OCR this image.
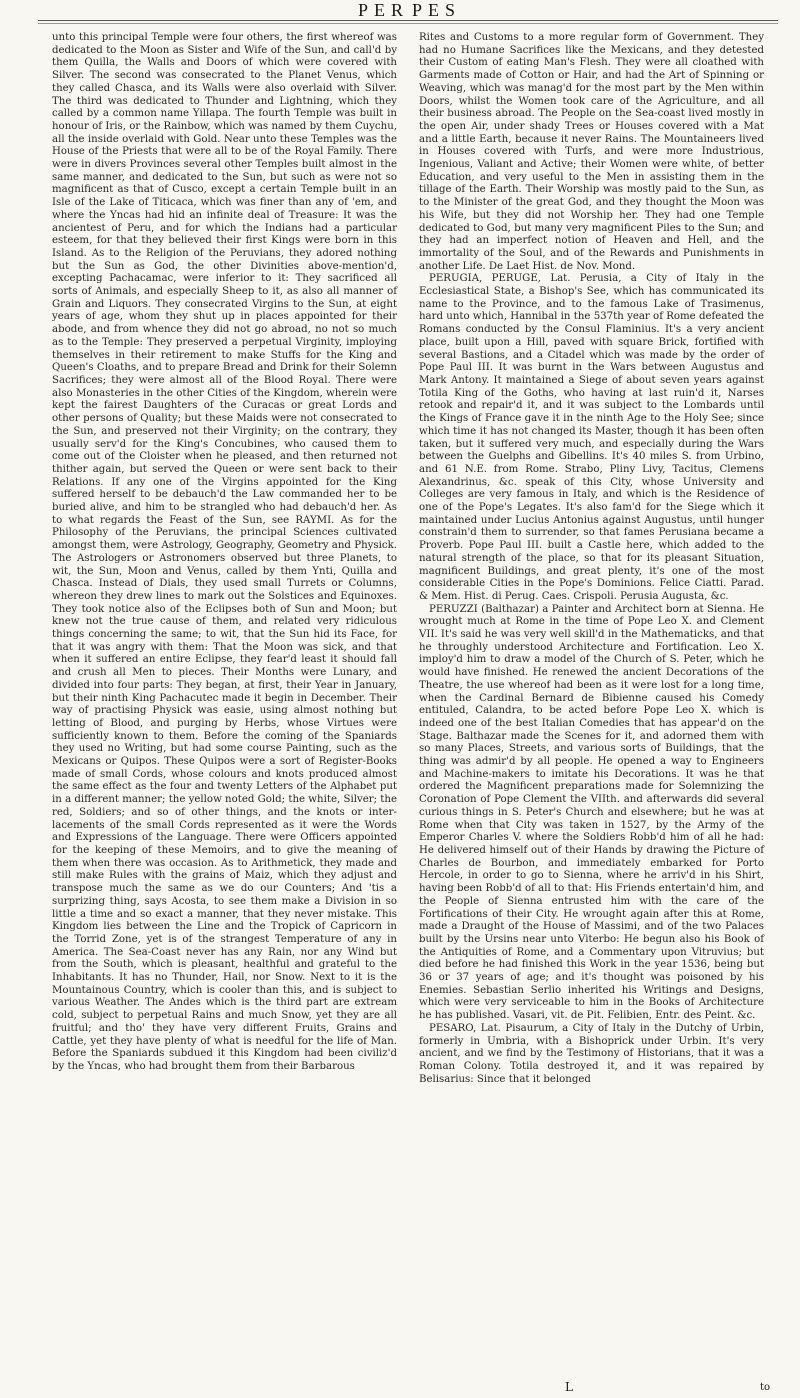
PER PES

unto this principal Temple were four others, the first whereof was dedicated to the Moon as Sister and Wife of the Sun, and call'd by them Quilla, the Walls and Doors of which were covered with Silver. The second was consecrated to the Planet Venus, which they called Chasca, and its Walls were also overlaid with Silver. The third was dedicated to Thunder and Lightning, which they called by a common name Yillapa. The fourth Temple was built in honour of Iris, or the Rainbow, which was named by them Cuychu, all the inside overlaid with Gold. Near unto these Temples was the House of the Priests that were all to be of the Royal Family. There were in divers Provinces several other Temples built almost in the same manner, and dedicated to the Sun, but such as were not so magnificent as that of Cusco, except a certain Temple built in an Isle of the Lake of Titicaca, which was finer than any of 'em, and where the Yncas had hid an infinite deal of Treasure: It was the ancientest of Peru, and for which the Indians had a particular esteem, for that they believed their first Kings were born in this Island. As to the Religion of the Peruvians, they adored nothing but the Sun as God, the other Divinities above-mention'd, excepting Pachacamac, were inferior to it: They sacrificed all sorts of Animals, and especially Sheep to it, as also all manner of Grain and Liquors. They consecrated Virgins to the Sun, at eight years of age, whom they shut up in places appointed for their abode, and from whence they did not go abroad, no not so much as to the Temple: They preserved a perpetual Virginity, imploying themselves in their retirement to make Stuffs for the King and Queen's Cloaths, and to prepare Bread and Drink for their Solemn Sacrifices; they were almost all of the Blood Royal. There were also Monasteries in the other Cities of the Kingdom, wherein were kept the fairest Daughters of the Curacas or great Lords and other persons of Quality; but these Maids were not consecrated to the Sun, and preserved not their Virginity; on the contrary, they usually serv'd for the King's Concubines, who caused them to come out of the Cloister when he pleased, and then returned not thither again, but served the Queen or were sent back to their Relations. If any one of the Virgins appointed for the King suffered herself to be debauch'd the Law commanded her to be buried alive, and him to be strangled who had debauch'd her. As to what regards the Feast of the Sun, see RAYMI. As for the Philosophy of the Peruvians, the principal Sciences cultivated amongst them, were Astrology, Geography, Geometry and Physick. The Astrologers or Astronomers observed but three Planets, to wit, the Sun, Moon and Venus, called by them Ynti, Quilla and Chasca. Instead of Dials, they used small Turrets or Columns, whereon they drew lines to mark out the Solstices and Equinoxes. They took notice also of the Eclipses both of Sun and Moon; but knew not the true cause of them, and related very ridiculous things concerning the same; to wit, that the Sun hid its Face, for that it was angry with them: That the Moon was sick, and that when it suffered an entire Eclipse, they fear'd least it should fall and crush all Men to pieces. Their Months were Lunary, and divided into four parts: They began, at first, their Year in January, but their ninth King Pachacutec made it begin in December. Their way of practising Physick was easie, using almost nothing but letting of Blood, and purging by Herbs, whose Virtues were sufficiently known to them. Before the coming of the Spaniards they used no Writing, but had some course Painting, such as the Mexicans or Quipos. These Quipos were a sort of Register-Books made of small Cords, whose colours and knots produced almost the same effect as the four and twenty Letters of the Alphabet put in a different manner; the yellow noted Gold; the white, Silver; the red, Soldiers; and so of other things, and the knots or inter-lacements of the small Cords represented as it were the Words and Expressions of the Language. There were Officers appointed for the keeping of these Memoirs, and to give the meaning of them when there was occasion. As to Arithmetick, they made and still make Rules with the grains of Maiz, which they adjust and transpose much the same as we do our Counters; And 'tis a surprizing thing, says Acosta, to see them make a Division in so little a time and so exact a manner, that they never mistake. This Kingdom lies between the Line and the Tropick of Capricorn in the Torrid Zone, yet is of the strangest Temperature of any in America. The Sea-Coast never has any Rain, nor any Wind but from the South, which is pleasant, healthful and grateful to the Inhabitants. It has no Thunder, Hail, nor Snow. Next to it is the Mountainous Country, which is cooler than this, and is subject to various Weather. The Andes which is the third part are extream cold, subject to perpetual Rains and much Snow, yet they are all fruitful; and tho' they have very different Fruits, Grains and Cattle, yet they have plenty of what is needful for the life of Man. Before the Spaniards subdued it this Kingdom had been civiliz'd by the Yncas, who had brought them from their Barbarous

Rites and Customs to a more regular form of Government. They had no Humane Sacrifices like the Mexicans, and they detested their Custom of eating Man's Flesh. They were all cloathed with Garments made of Cotton or Hair, and had the Art of Spinning or Weaving, which was manag'd for the most part by the Men within Doors, whilst the Women took care of the Agriculture, and all their business abroad. The People on the Sea-coast lived mostly in the open Air, under shady Trees or Houses covered with a Mat and a little Earth, because it never Rains. The Mountaineers lived in Houses covered with Turfs, and were more Industrious, Ingenious, Valiant and Active; their Women were white, of better Education, and very useful to the Men in assisting them in the tillage of the Earth. Their Worship was mostly paid to the Sun, as to the Minister of the great God, and they thought the Moon was his Wife, but they did not Worship her. They had one Temple dedicated to God, but many very magnificent Piles to the Sun; and they had an imperfect notion of Heaven and Hell, and the immortality of the Soul, and of the Rewards and Punishments in another Life. De Laet Hist. de Nov. Mond.

PERUGIA, PERUGE, Lat. Perusia, a City of Italy in the Ecclesiastical State, a Bishop's See, which has communicated its name to the Province, and to the famous Lake of Trasimenus, hard unto which, Hannibal in the 537th year of Rome defeated the Romans conducted by the Consul Flaminius. It's a very ancient place, built upon a Hill, paved with square Brick, fortified with several Bastions, and a Citadel which was made by the order of Pope Paul III. It was burnt in the Wars between Augustus and Mark Antony. It maintained a Siege of about seven years against Totila King of the Goths, who having at last ruin'd it, Narses retook and repair'd it, and it was subject to the Lombards until the Kings of France gave it in the ninth Age to the Holy See; since which time it has not changed its Master, though it has been often taken, but it suffered very much, and especially during the Wars between the Guelphs and Gibellins. It's 40 miles S. from Urbino, and 61 N.E. from Rome. Strabo, Pliny Livy, Tacitus, Clemens Alexandrinus, &c. speak of this City, whose University and Colleges are very famous in Italy, and which is the Residence of one of the Pope's Legates. It's also fam'd for the Siege which it maintained under Lucius Antonius against Augustus, until hunger constrain'd them to surrender, so that fames Perusiana became a Proverb. Pope Paul III. built a Castle here, which added to the natural strength of the place, so that for its pleasant Situation, magnificent Buildings, and great plenty, it's one of the most considerable Cities in the Pope's Dominions. Felice Ciatti. Parad. & Mem. Hist. di Perug. Caes. Crispoli. Perusia Augusta, &c.

PERUZZI (Balthazar) a Painter and Architect born at Sienna. He wrought much at Rome in the time of Pope Leo X. and Clement VII. It's said he was very well skill'd in the Mathematicks, and that he throughly understood Architecture and Fortification. Leo X. imploy'd him to draw a model of the Church of S. Peter, which he would have finished. He renewed the ancient Decorations of the Theatre, the use whereof had been as it were lost for a long time, when the Cardinal Bernard de Bibienne caused his Comedy entituled, Calandra, to be acted before Pope Leo X. which is indeed one of the best Italian Comedies that has appear'd on the Stage. Balthazar made the Scenes for it, and adorned them with so many Places, Streets, and various sorts of Buildings, that the thing was admir'd by all people. He opened a way to Engineers and Machine-makers to imitate his Decorations. It was he that ordered the Magnificent preparations made for Solemnizing the Coronation of Pope Clement the VIIth. and afterwards did several curious things in S. Peter's Church and elsewhere; but he was at Rome when that City was taken in 1527, by the Army of the Emperor Charles V. where the Soldiers Robb'd him of all he had: He delivered himself out of their Hands by drawing the Picture of Charles de Bourbon, and immediately embarked for Porto Hercole, in order to go to Sienna, where he arriv'd in his Shirt, having been Robb'd of all to that: His Friends entertain'd him, and the People of Sienna entrusted him with the care of the Fortifications of their City. He wrought again after this at Rome, made a Draught of the House of Massimi, and of the two Palaces built by the Ursins near unto Viterbo: He begun also his Book of the Antiquities of Rome, and a Commentary upon Vitruvius; but died before he had finished this Work in the year 1536, being but 36 or 37 years of age; and it's thought was poisoned by his Enemies. Sebastian Serlio inherited his Writings and Designs, which were very serviceable to him in the Books of Architecture he has published. Vasari, vit. de Pit. Felibien, Entr. des Peint. &c.

PESARO, Lat. Pisaurum, a City of Italy in the Dutchy of Urbin, formerly in Umbria, with a Bishoprick under Urbin. It's very ancient, and we find by the Testimony of Historians, that it was a Roman Colony. Totila destroyed it, and it was repaired by Belisarius: Since that it belonged

L	to
